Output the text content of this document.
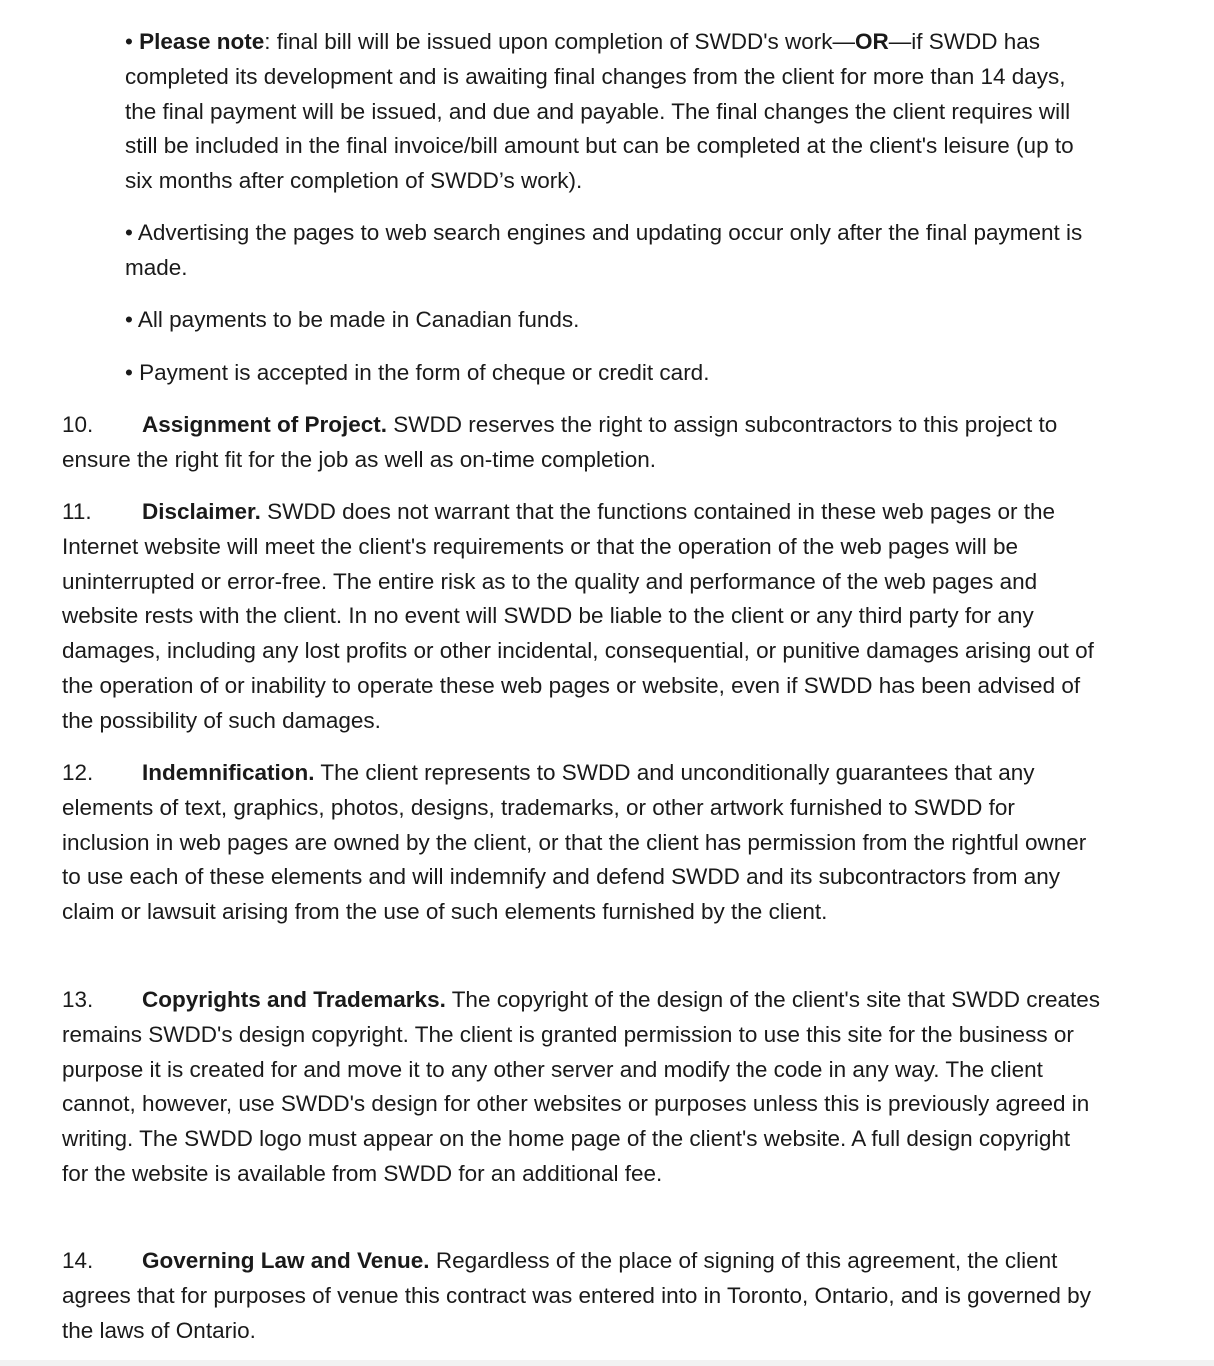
• Please note: final bill will be issued upon completion of SWDD's work—OR—if SWDD has completed its development and is awaiting final changes from the client for more than 14 days, the final payment will be issued, and due and payable. The final changes the client requires will still be included in the final invoice/bill amount but can be completed at the client's leisure (up to six months after completion of SWDD’s work).

• Advertising the pages to web search engines and updating occur only after the final payment is made.

• All payments to be made in Canadian funds.

• Payment is accepted in the form of cheque or credit card.

10. Assignment of Project. SWDD reserves the right to assign subcontractors to this project to ensure the right fit for the job as well as on-time completion.

11. Disclaimer. SWDD does not warrant that the functions contained in these web pages or the Internet website will meet the client's requirements or that the operation of the web pages will be uninterrupted or error-free. The entire risk as to the quality and performance of the web pages and website rests with the client. In no event will SWDD be liable to the client or any third party for any damages, including any lost profits or other incidental, consequential, or punitive damages arising out of the operation of or inability to operate these web pages or website, even if SWDD has been advised of the possibility of such damages.

12. Indemnification. The client represents to SWDD and unconditionally guarantees that any elements of text, graphics, photos, designs, trademarks, or other artwork furnished to SWDD for inclusion in web pages are owned by the client, or that the client has permission from the rightful owner to use each of these elements and will indemnify and defend SWDD and its subcontractors from any claim or lawsuit arising from the use of such elements furnished by the client.

13. Copyrights and Trademarks. The copyright of the design of the client's site that SWDD creates remains SWDD's design copyright. The client is granted permission to use this site for the business or purpose it is created for and move it to any other server and modify the code in any way. The client cannot, however, use SWDD's design for other websites or purposes unless this is previously agreed in writing. The SWDD logo must appear on the home page of the client's website. A full design copyright for the website is available from SWDD for an additional fee.

14. Governing Law and Venue. Regardless of the place of signing of this agreement, the client agrees that for purposes of venue this contract was entered into in Toronto, Ontario, and is governed by the laws of Ontario.
